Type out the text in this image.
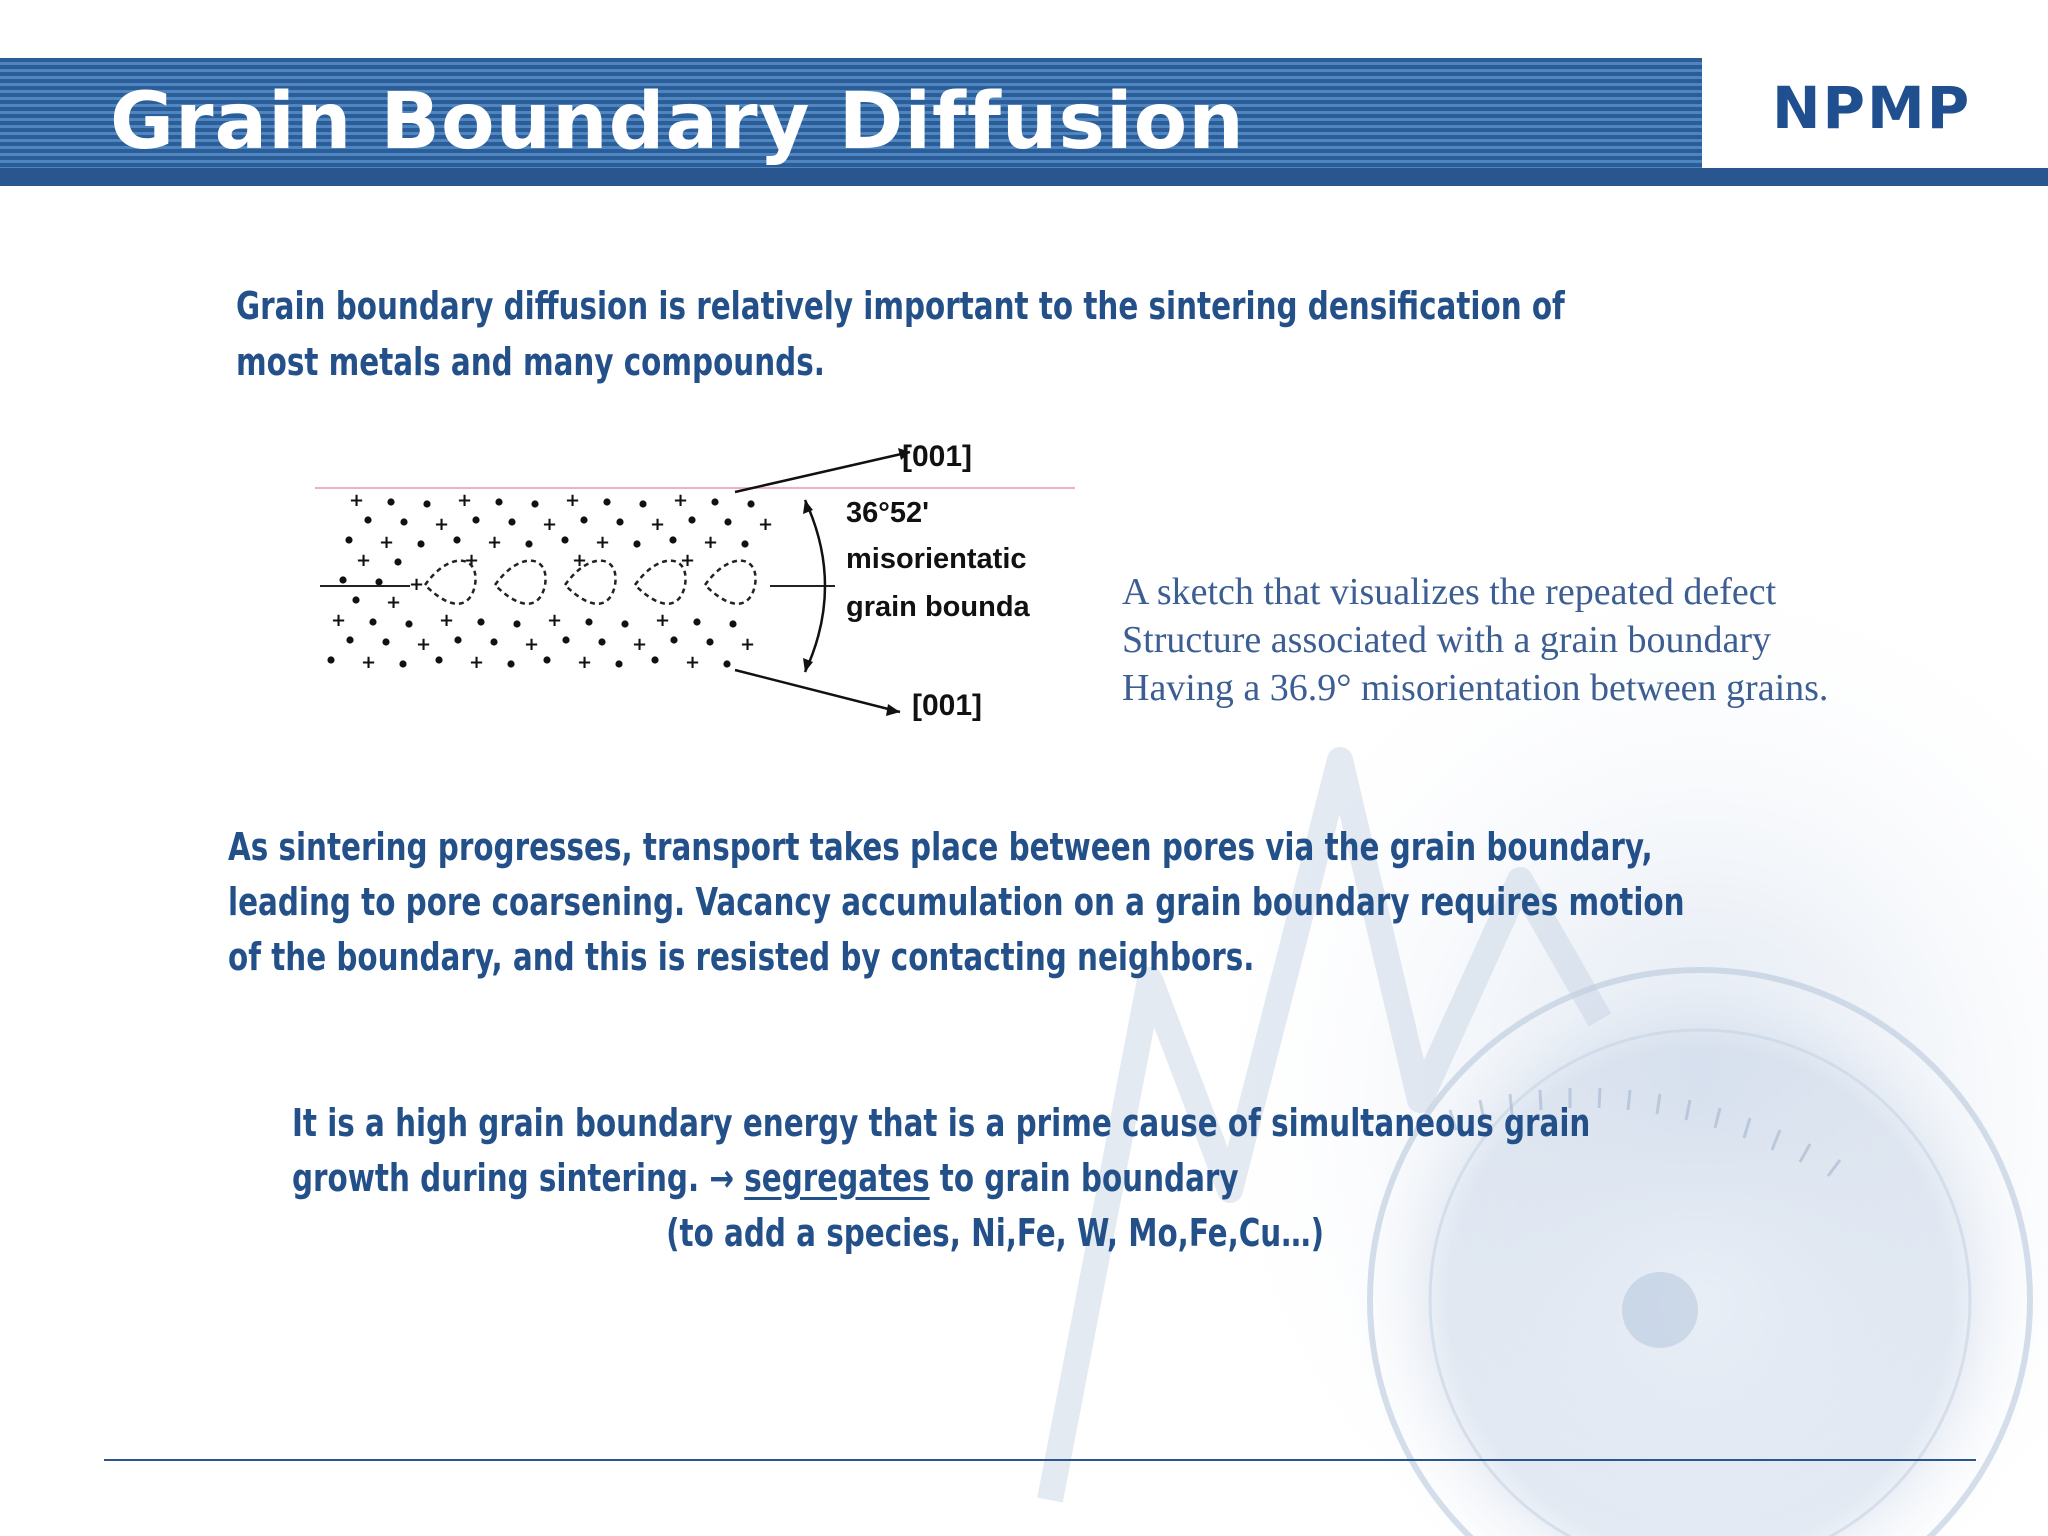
Grain Boundary Diffusion	NPMP
Grain boundary diffusion is relatively important to the sintering densification of most metals and many compounds.
+	+	+	+
+	+	+	+
+	+	+	+
+	+	+	+
+
+
+	+	+	+
+	+	+	+
+	+	+	+
[001]
36°52'
misorientatic
grain bounda
[001]
A sketch that visualizes the repeated defect
Structure associated with a grain boundary
Having a 36.9° misorientation between grains.
As sintering progresses, transport takes place between pores via the grain boundary, leading to pore coarsening. Vacancy accumulation on a grain boundary requires motion of the boundary, and this is resisted by contacting neighbors.
It is a high grain boundary energy that is a prime cause of simultaneous grain growth during sintering. → segregates to grain boundary
(to add a species, Ni,Fe, W, Mo,Fe,Cu…)
